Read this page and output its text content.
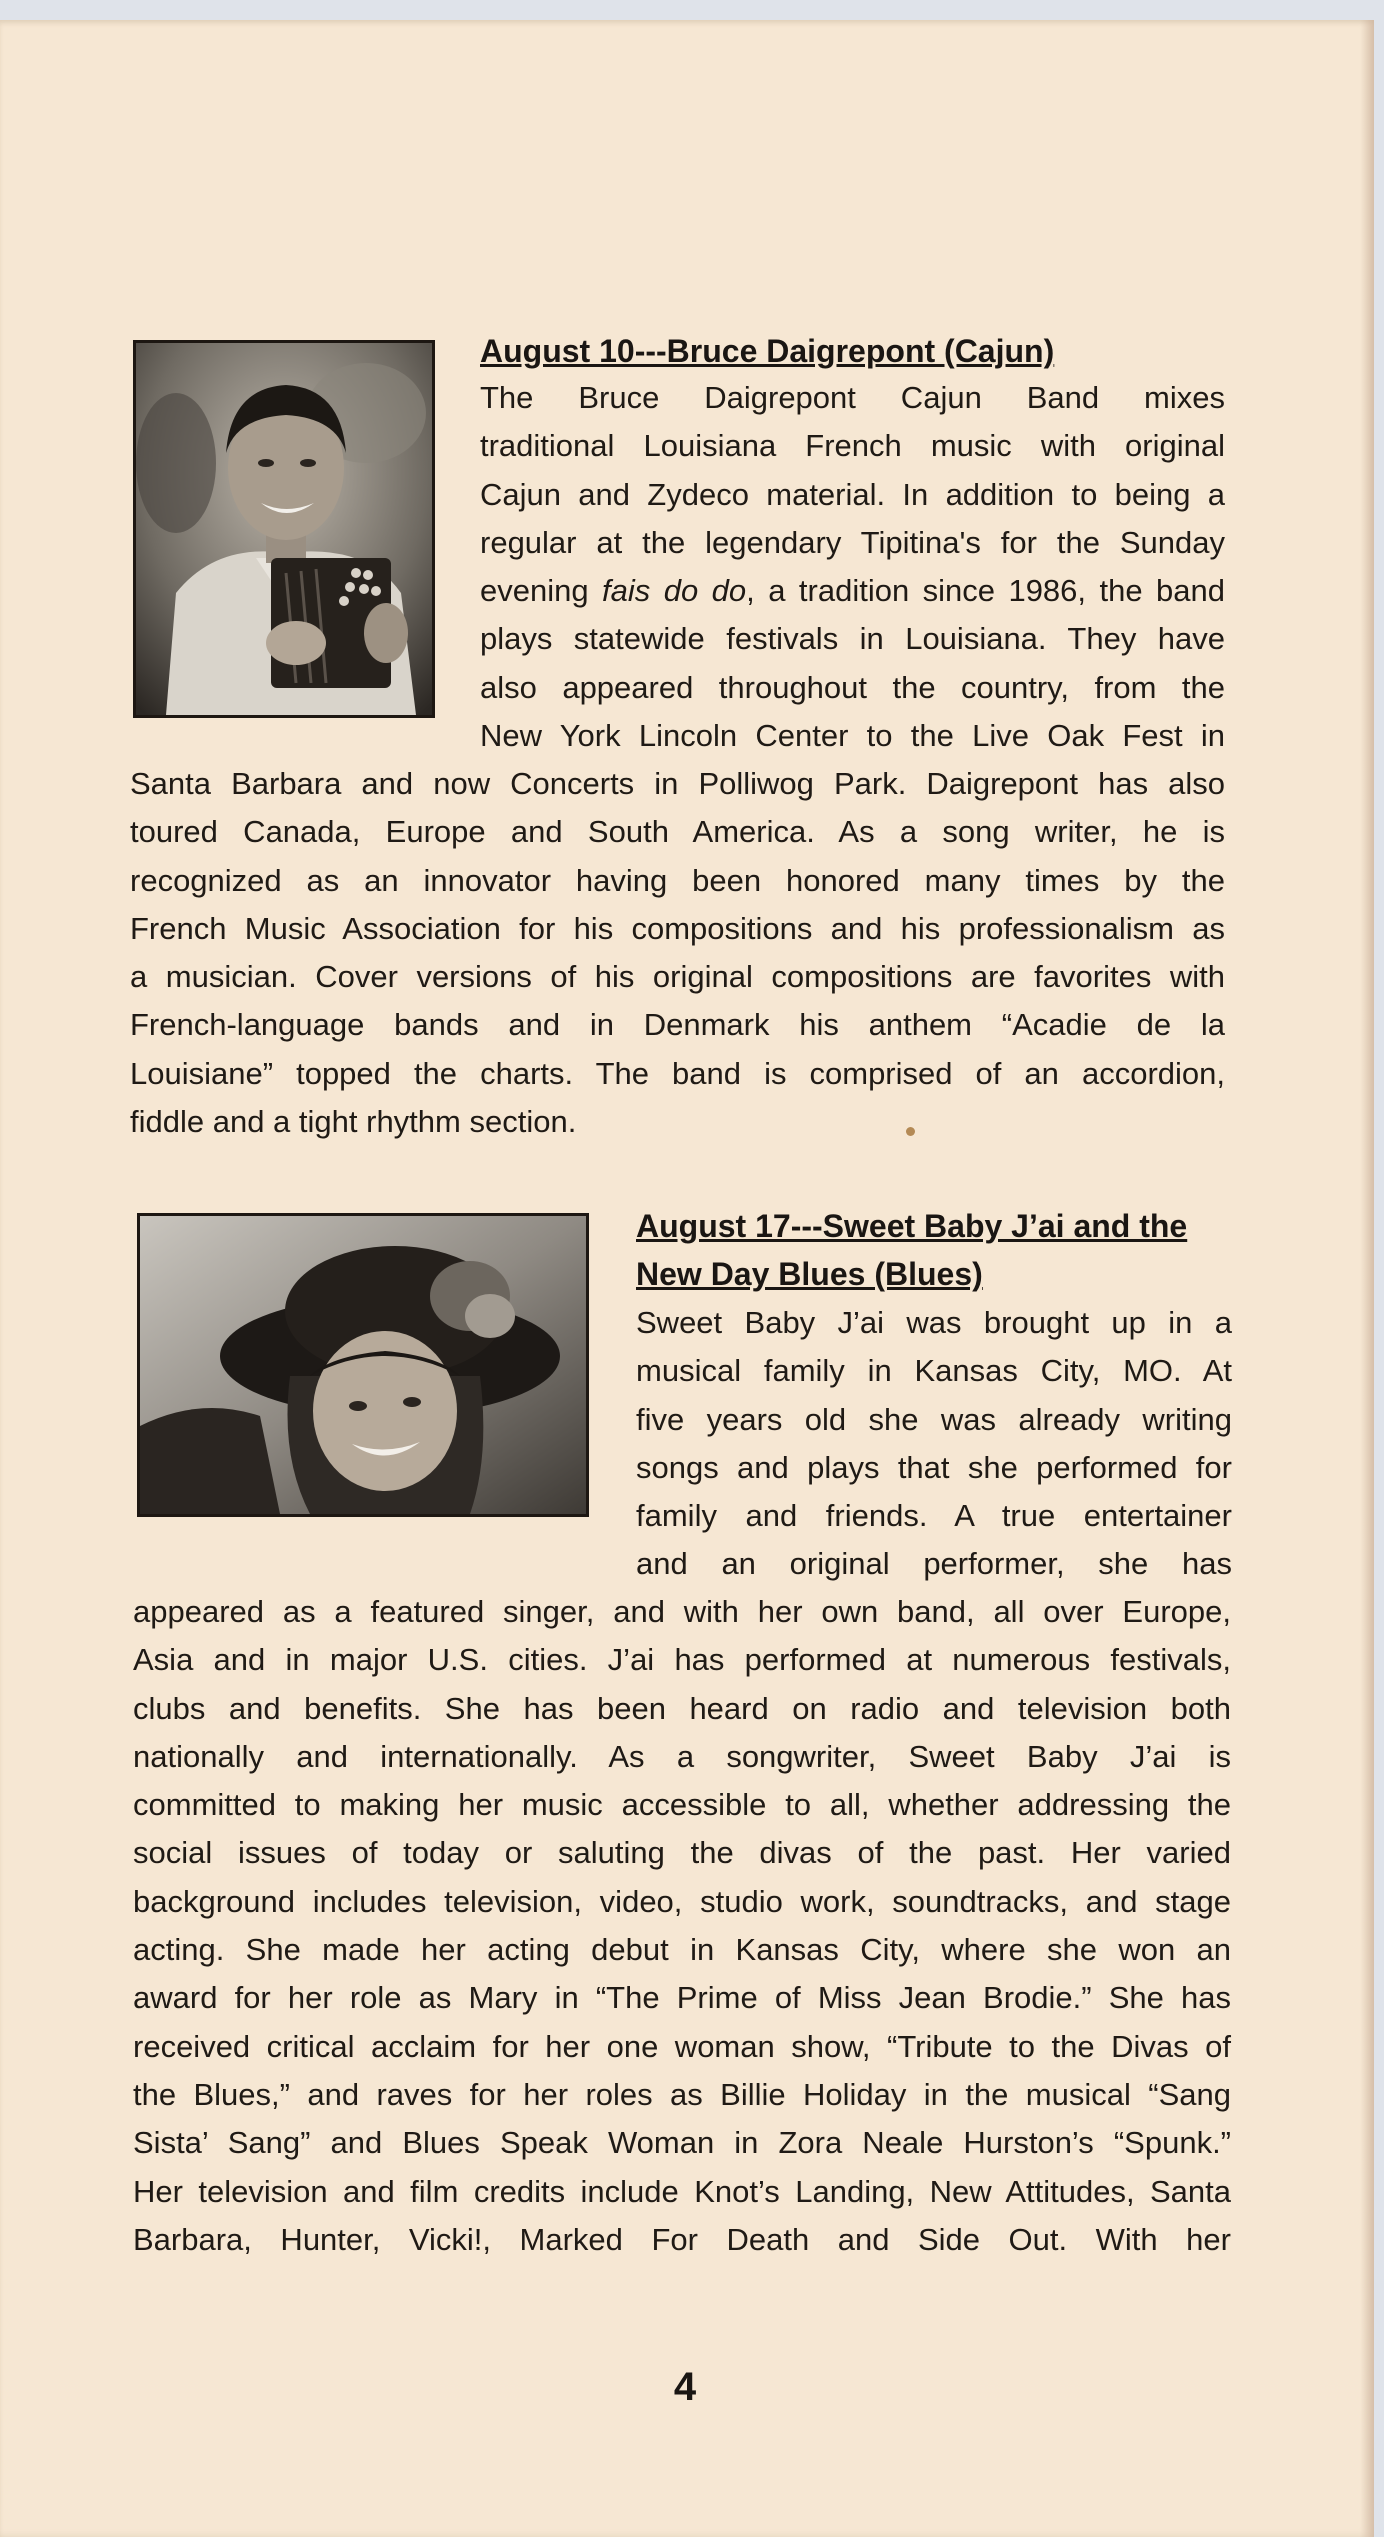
August 10---Bruce Daigrepont (Cajun)
The Bruce Daigrepont Cajun Band mixes
traditional Louisiana French music with original
Cajun and Zydeco material. In addition to being a
regular at the legendary Tipitina's for the Sunday
evening fais do do, a tradition since 1986, the band
plays statewide festivals in Louisiana. They have
also appeared throughout the country, from the
New York Lincoln Center to the Live Oak Fest in
Santa Barbara and now Concerts in Polliwog Park. Daigrepont has also
toured Canada, Europe and South America. As a song writer, he is
recognized as an innovator having been honored many times by the
French Music Association for his compositions and his professionalism as
a musician. Cover versions of his original compositions are favorites with
French-language bands and in Denmark his anthem “Acadie de la
Louisiane” topped the charts. The band is comprised of an accordion,
fiddle and a tight rhythm section.
August 17---Sweet Baby J’ai and the
New Day Blues (Blues)
Sweet Baby J’ai was brought up in a
musical family in Kansas City, MO. At
five years old she was already writing
songs and plays that she performed for
family and friends. A true entertainer
and an original performer, she has
appeared as a featured singer, and with her own band, all over Europe,
Asia and in major U.S. cities. J’ai has performed at numerous festivals,
clubs and benefits. She has been heard on radio and television both
nationally and internationally. As a songwriter, Sweet Baby J’ai is
committed to making her music accessible to all, whether addressing the
social issues of today or saluting the divas of the past. Her varied
background includes television, video, studio work, soundtracks, and stage
acting. She made her acting debut in Kansas City, where she won an
award for her role as Mary in “The Prime of Miss Jean Brodie.” She has
received critical acclaim for her one woman show, “Tribute to the Divas of
the Blues,” and raves for her roles as Billie Holiday in the musical “Sang
Sista’ Sang” and Blues Speak Woman in Zora Neale Hurston’s “Spunk.”
Her television and film credits include Knot’s Landing, New Attitudes, Santa
Barbara, Hunter, Vicki!, Marked For Death and Side Out. With her
4
